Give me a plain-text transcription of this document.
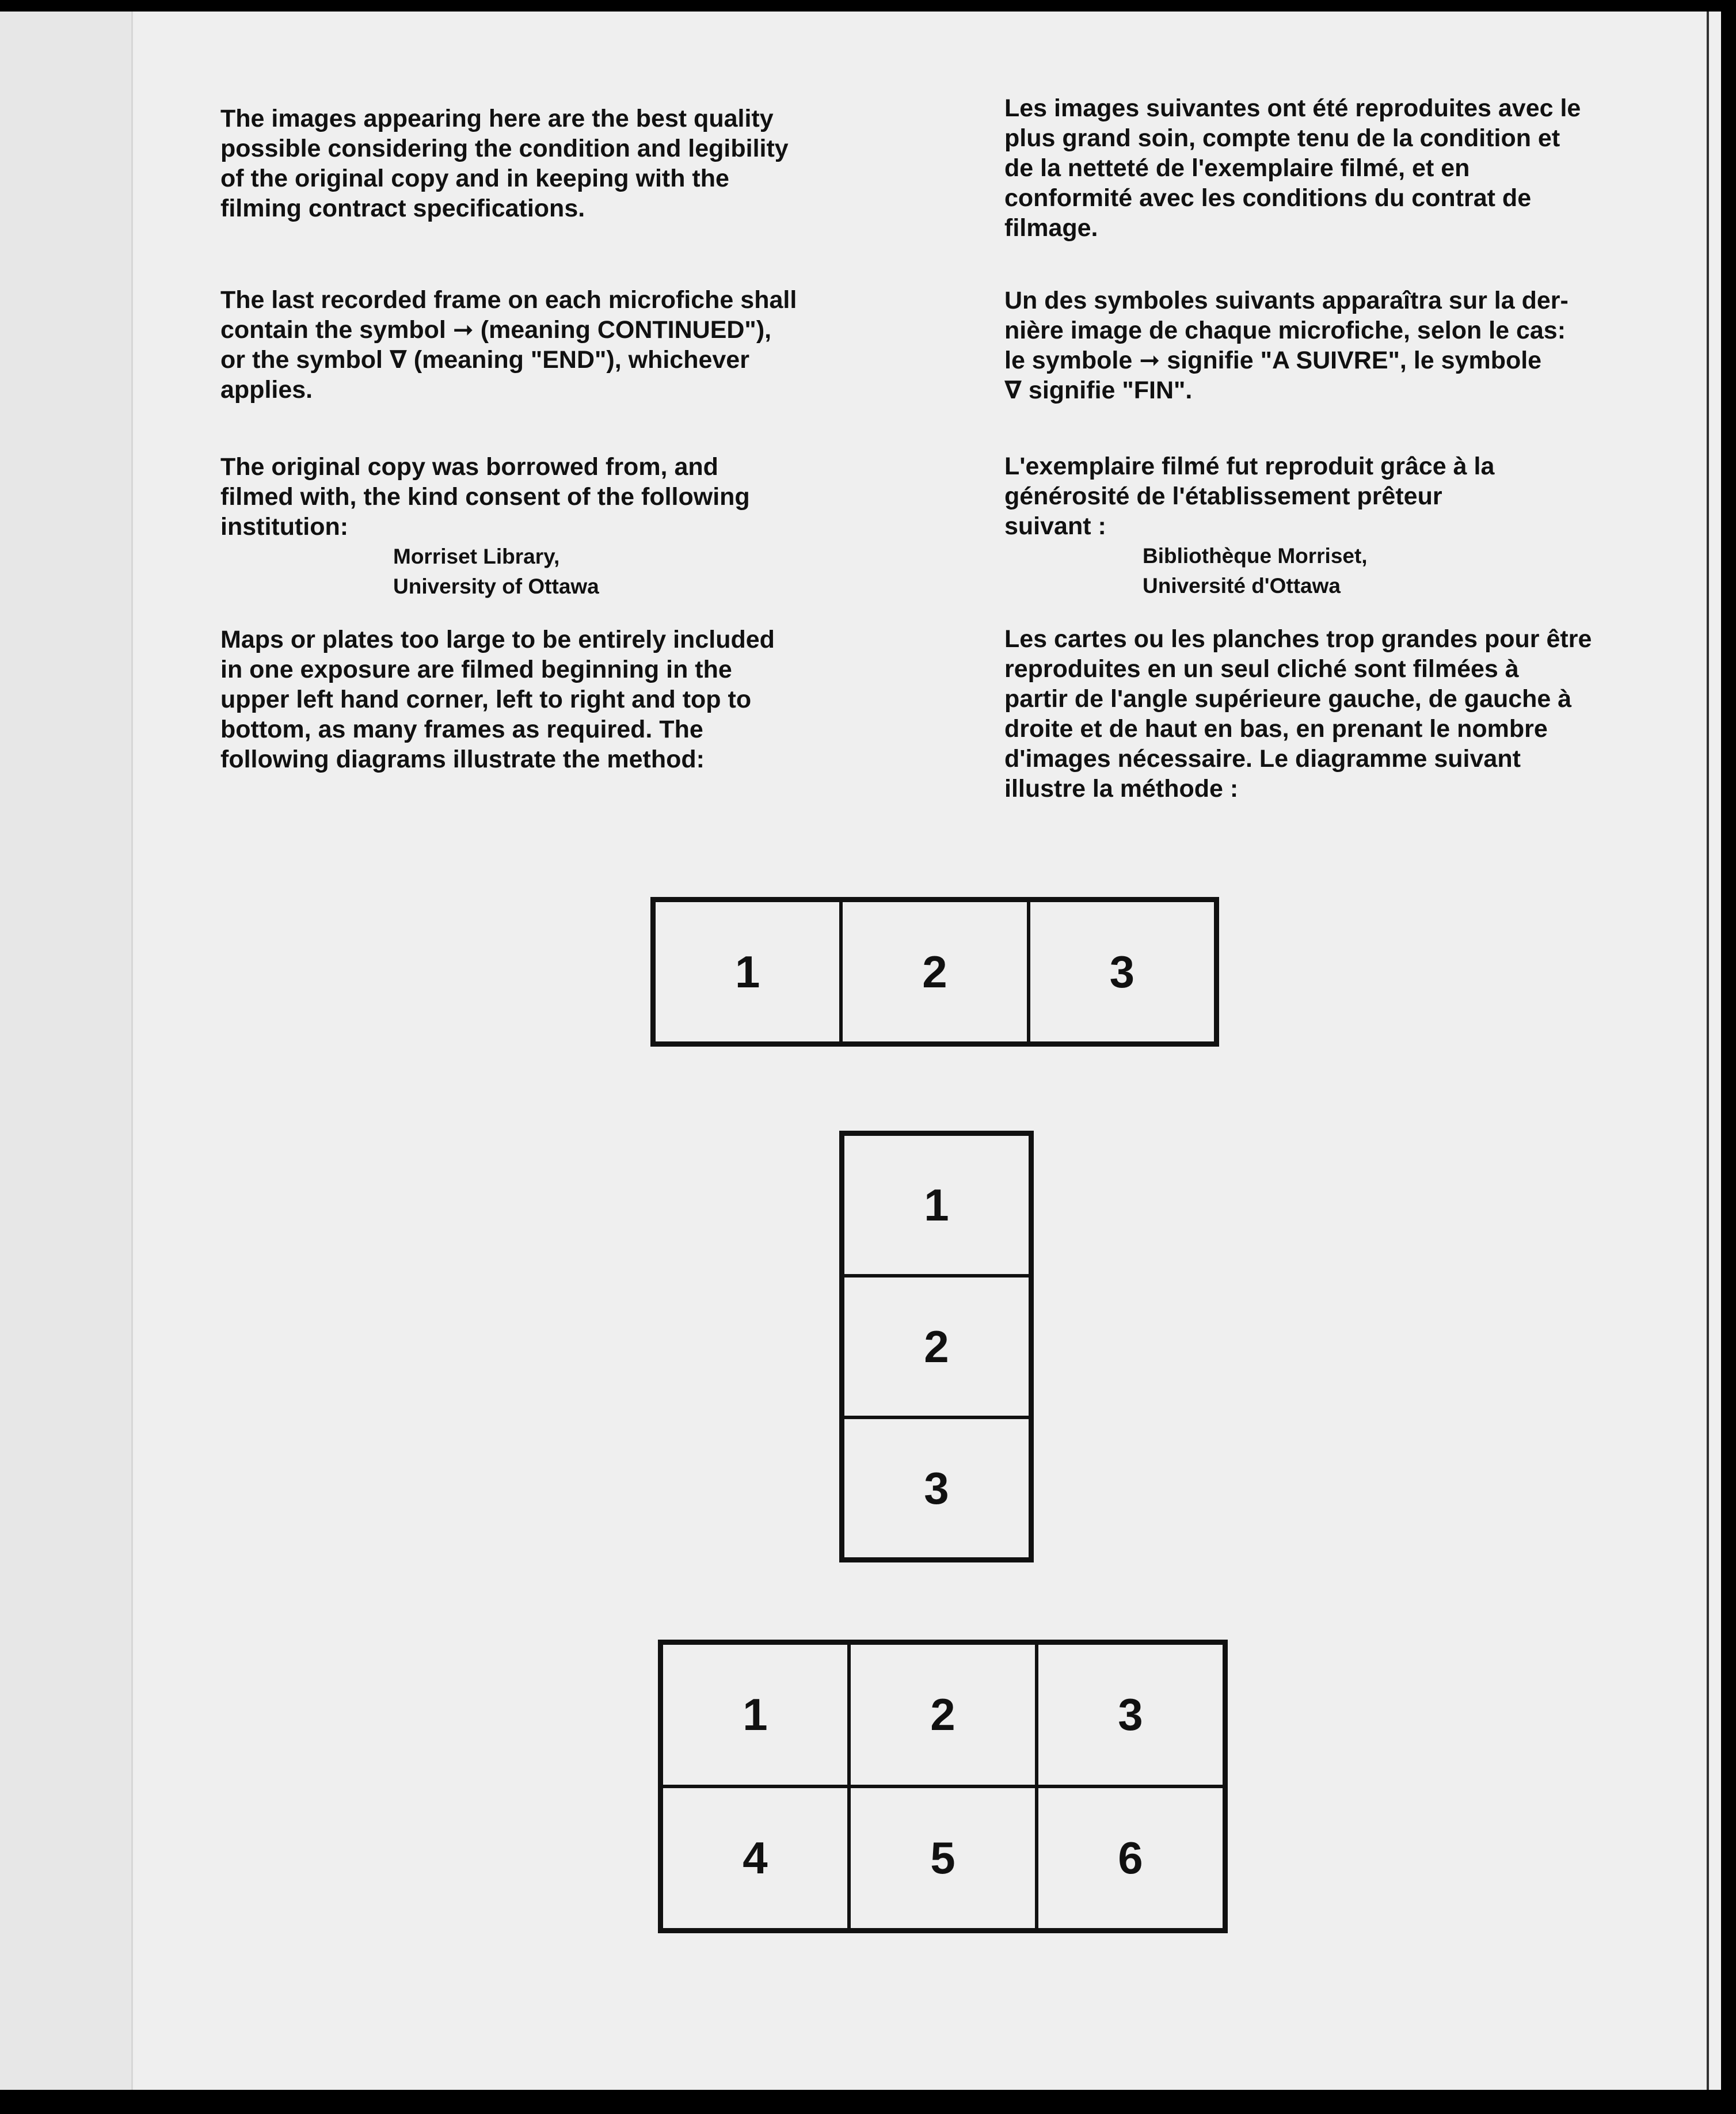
The images appearing here are the best quality
possible considering the condition and legibility
of the original copy and in keeping with the
filming contract specifications.

The last recorded frame on each microfiche shall
contain the symbol ➞ (meaning CONTINUED"),
or the symbol ∇ (meaning "END"), whichever
applies.

The original copy was borrowed from, and
filmed with, the kind consent of the following
institution:

Morriset Library,

University of Ottawa

Maps or plates too large to be entirely included
in one exposure are filmed beginning in the
upper left hand corner, left to right and top to
bottom, as many frames as required. The
following diagrams illustrate the method:

Les images suivantes ont été reproduites avec le
plus grand soin, compte tenu de la condition et
de la netteté de l'exemplaire filmé, et en
conformité avec les conditions du contrat de
filmage.

Un des symboles suivants apparaîtra sur la der-
nière image de chaque microfiche, selon le cas:
le symbole ➞ signifie "A SUIVRE", le symbole
∇ signifie "FIN".

L'exemplaire filmé fut reproduit grâce à la
générosité de l'établissement prêteur
suivant :

Bibliothèque Morriset,

Université d'Ottawa

Les cartes ou les planches trop grandes pour être
reproduites en un seul cliché sont filmées à
partir de l'angle supérieure gauche, de gauche à
droite et de haut en bas, en prenant le nombre
d'images nécessaire. Le diagramme suivant
illustre la méthode :

1	2	3
1
2
3
1	2	3
4	5	6
